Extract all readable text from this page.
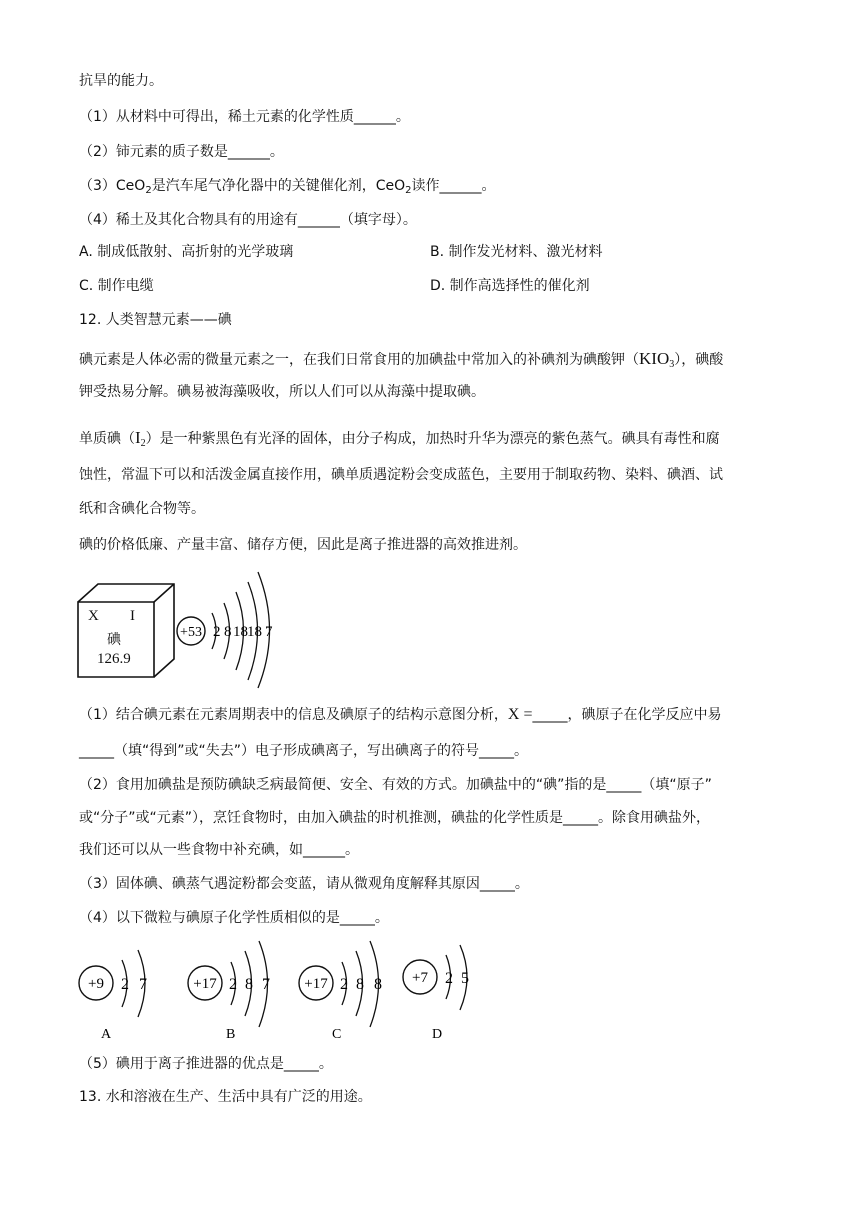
抗旱的能力。
（1）从材料中可得出，稀土元素的化学性质______。
（2）铈元素的质子数是______。
（3）CeO$_2$是汽车尾气净化器中的关键催化剂，CeO$_2$读作______。
（4）稀土及其化合物具有的用途有______（填字母）。
A. 制成低散射、高折射的光学玻璃	B. 制作发光材料、激光材料
C. 制作电缆	D. 制作高选择性的催化剂
12. 人类智慧元素——碘
碘元素是人体必需的微量元素之一，在我们日常食用的加碘盐中常加入的补碘剂为碘酸钾$(KIO_3)$，碘酸
钾受热易分解。碘易被海藻吸收，所以人们可以从海藻中提取碘。
单质碘$(I_2)$是一种紫黑色有光泽的固体，由分子构成，加热时升华为漂亮的紫色蒸气。碘具有毒性和腐
蚀性，常温下可以和活泼金属直接作用，碘单质遇淀粉会变成蓝色，主要用于制取药物、染料、碘酒、试
纸和含碘化合物等。
碘的价格低廉、产量丰富、储存方便，因此是离子推进器的高效推进剂。
X I
碘
126.9
+53 2 8 18 18 7
（1）结合碘元素在元素周期表中的信息及碘原子的结构示意图分析，X =_____，碘原子在化学反应中易
_____（填“得到”或“失去”）电子形成碘离子，写出碘离子的符号_____。
（2）食用加碘盐是预防碘缺乏病最简便、安全、有效的方式。加碘盐中的“碘”指的是_____（填“原子”
或“分子”或“元素”），烹饪食物时，由加入碘盐的时机推测，碘盐的化学性质是_____。除食用碘盐外，
我们还可以从一些食物中补充碘，如______。
（3）固体碘、碘蒸气遇淀粉都会变蓝，请从微观角度解释其原因_____。
（4）以下微粒与碘原子化学性质相似的是_____。
+9 2 7
A
+17 2 8 7
B
+17 2 8 8
C
+7 2 5
D
（5）碘用于离子推进器的优点是_____。
13. 水和溶液在生产、生活中具有广泛的用途。
